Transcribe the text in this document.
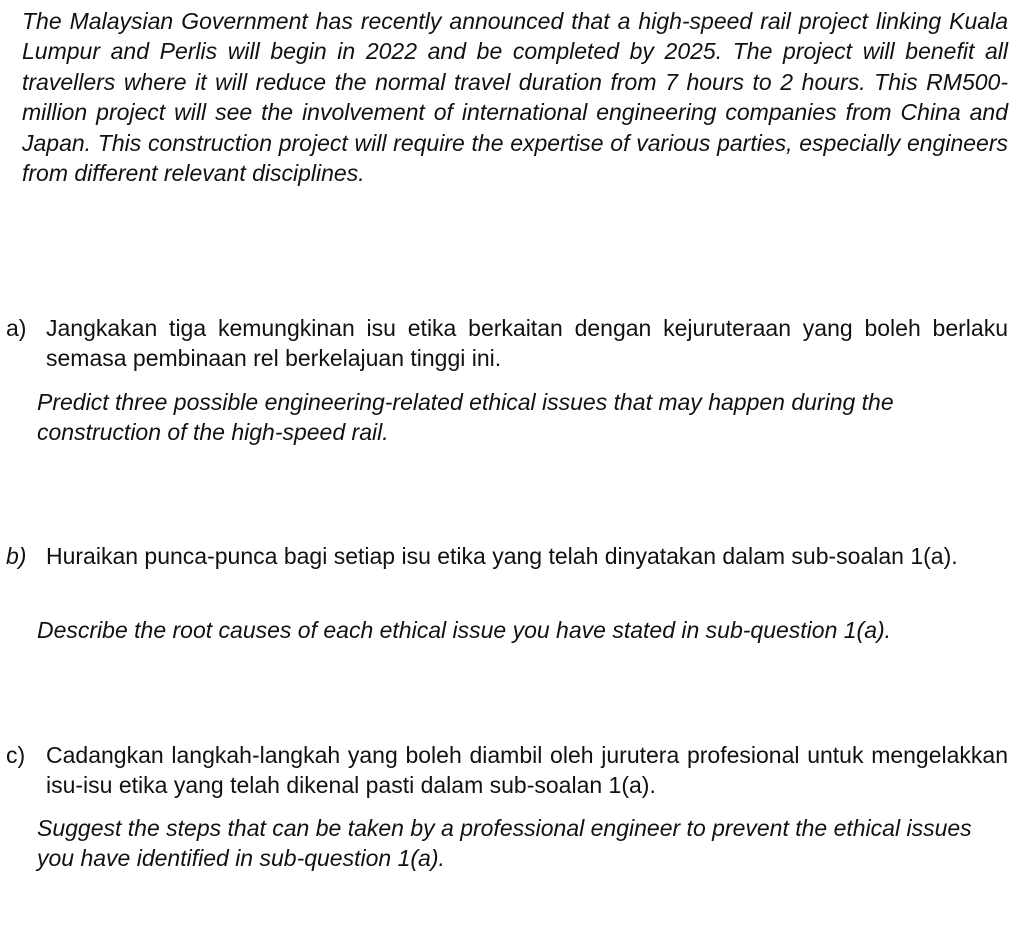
The Malaysian Government has recently announced that a high-speed rail project linking Kuala Lumpur and Perlis will begin in 2022 and be completed by 2025. The project will benefit all travellers where it will reduce the normal travel duration from 7 hours to 2 hours. This RM500-million project will see the involvement of international engineering companies from China and Japan. This construction project will require the expertise of various parties, especially engineers from different relevant disciplines.

a) Jangkakan tiga kemungkinan isu etika berkaitan dengan kejuruteraan yang boleh berlaku semasa pembinaan rel berkelajuan tinggi ini.

Predict three possible engineering-related ethical issues that may happen during the construction of the high-speed rail.

b) Huraikan punca-punca bagi setiap isu etika yang telah dinyatakan dalam sub-soalan 1(a).

Describe the root causes of each ethical issue you have stated in sub-question 1(a).

c) Cadangkan langkah-langkah yang boleh diambil oleh jurutera profesional untuk mengelakkan isu-isu etika yang telah dikenal pasti dalam sub-soalan 1(a).

Suggest the steps that can be taken by a professional engineer to prevent the ethical issues you have identified in sub-question 1(a).
